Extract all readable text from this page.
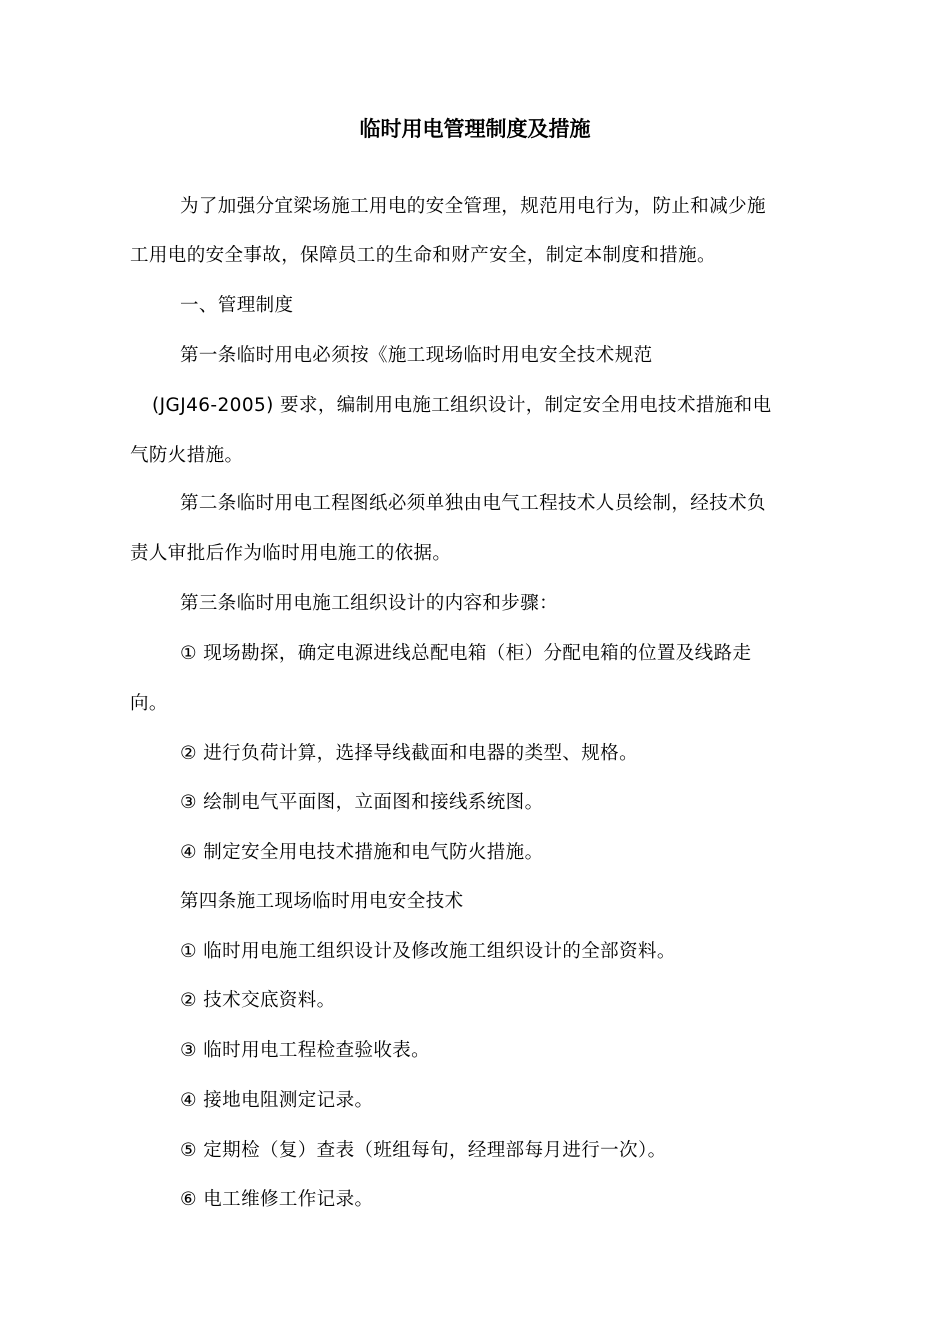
临时用电管理制度及措施
为了加强分宜梁场施工用电的安全管理，规范用电行为，防止和减少施
工用电的安全事故，保障员工的生命和财产安全，制定本制度和措施。
一、管理制度
第一条临时用电必须按《施工现场临时用电安全技术规范
(JGJ46-2005) 要求，编制用电施工组织设计，制定安全用电技术措施和电
气防火措施。
第二条临时用电工程图纸必须单独由电气工程技术人员绘制，经技术负
责人审批后作为临时用电施工的依据。
第三条临时用电施工组织设计的内容和步骤：
① 现场勘探，确定电源进线总配电箱（柜）分配电箱的位置及线路走
向。
② 进行负荷计算，选择导线截面和电器的类型、规格。
③ 绘制电气平面图，立面图和接线系统图。
④ 制定安全用电技术措施和电气防火措施。
第四条施工现场临时用电安全技术
① 临时用电施工组织设计及修改施工组织设计的全部资料。
② 技术交底资料。
③ 临时用电工程检查验收表。
④ 接地电阻测定记录。
⑤ 定期检（复）查表（班组每旬，经理部每月进行一次）。
⑥ 电工维修工作记录。
